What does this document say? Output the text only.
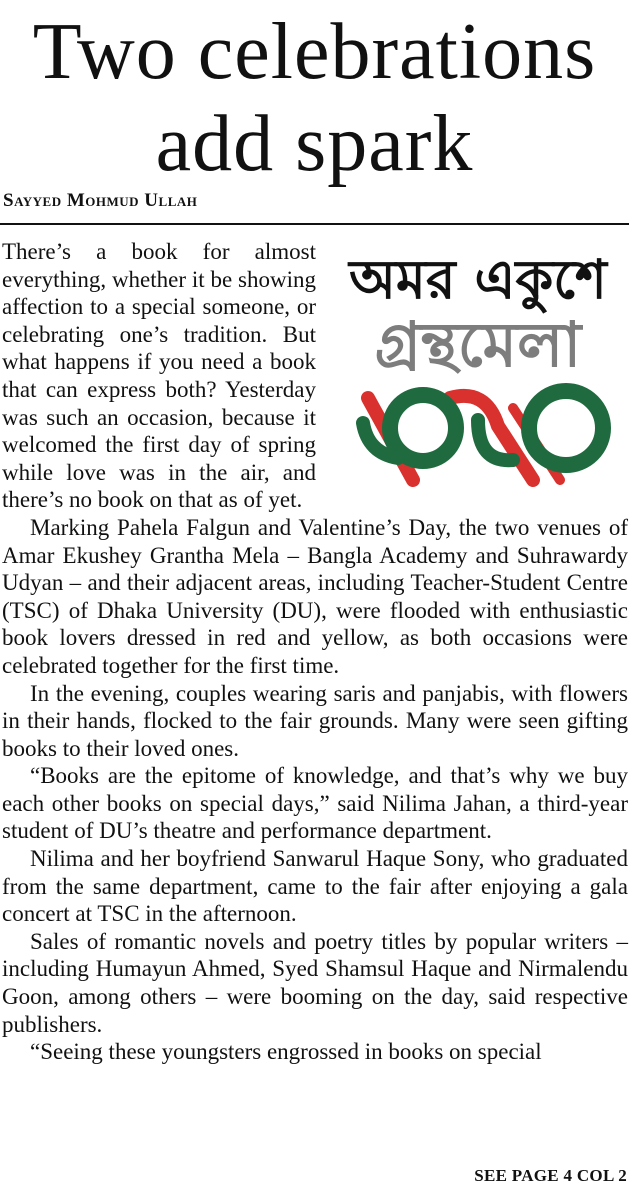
Two celebrations
add spark
Sayyed Mohmud Ullah
অমর একুশে
গ্রন্থমেলা
২০২০

There’s a book for almost everything, whether it be showing affection to a special someone, or celebrating one’s tradition. But what happens if you need a book that can express both? Yesterday was such an occasion, because it welcomed the first day of spring while love was in the air, and there’s no book on that as of yet.

Marking Pahela Falgun and Valentine’s Day, the two venues of Amar Ekushey Grantha Mela – Bangla Academy and Suhrawardy Udyan – and their adjacent areas, including Teacher-Student Centre (TSC) of Dhaka University (DU), were flooded with enthusiastic book lovers dressed in red and yellow, as both occasions were celebrated together for the first time.

In the evening, couples wearing saris and panjabis, with flowers in their hands, flocked to the fair grounds. Many were seen gifting books to their loved ones.

“Books are the epitome of knowledge, and that’s why we buy each other books on special days,” said Nilima Jahan, a third-year student of DU’s theatre and performance department.

Nilima and her boyfriend Sanwarul Haque Sony, who graduated from the same department, came to the fair after enjoying a gala concert at TSC in the afternoon.

Sales of romantic novels and poetry titles by popular writers – including Humayun Ahmed, Syed Shamsul Haque and Nirmalendu Goon, among others – were booming on the day, said respective publishers.

“Seeing these youngsters engrossed in books on special

SEE PAGE 4 COL 2
